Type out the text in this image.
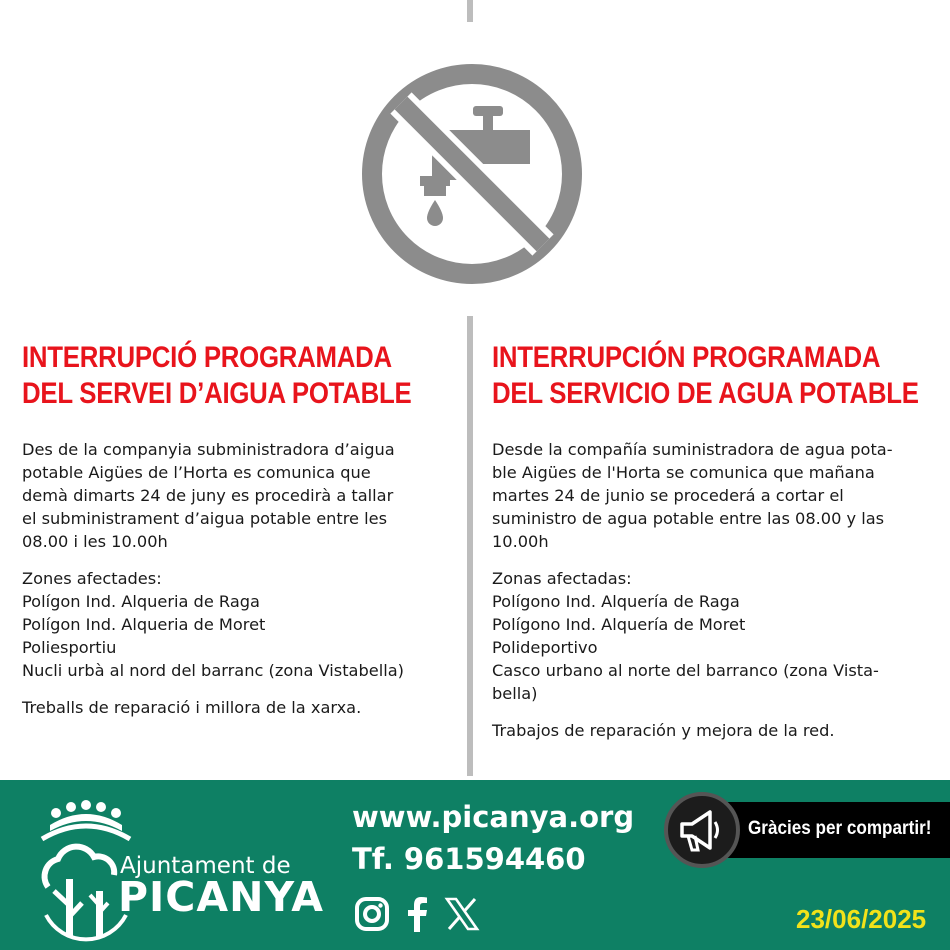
INTERRUPCIÓ PROGRAMADA
DEL SERVEI D’AIGUA POTABLE

Des de la companyia subministradora d’aigua
potable Aigües de l’Horta es comunica que
demà dimarts 24 de juny es procedirà a tallar
el subministrament d’aigua potable entre les
08.00 i les 10.00h

Zones afectades:
Polígon Ind. Alqueria de Raga
Polígon Ind. Alqueria de Moret
Poliesportiu
Nucli urbà al nord del barranc (zona Vistabella)

Treballs de reparació i millora de la xarxa.

INTERRUPCIÓN PROGRAMADA
DEL SERVICIO DE AGUA POTABLE

Desde la compañía suministradora de agua pota-
ble Aigües de l'Horta se comunica que mañana
martes 24 de junio se procederá a cortar el
suministro de agua potable entre las 08.00 y las
10.00h

Zonas afectadas:
Polígono Ind. Alquería de Raga
Polígono Ind. Alquería de Moret
Polideportivo
Casco urbano al norte del barranco (zona Vista-
bella)

Trabajos de reparación y mejora de la red.

Ajuntament de
PICANYA
www.picanya.org
Tf. 961594460
Gràcies per compartir!
23/06/2025
